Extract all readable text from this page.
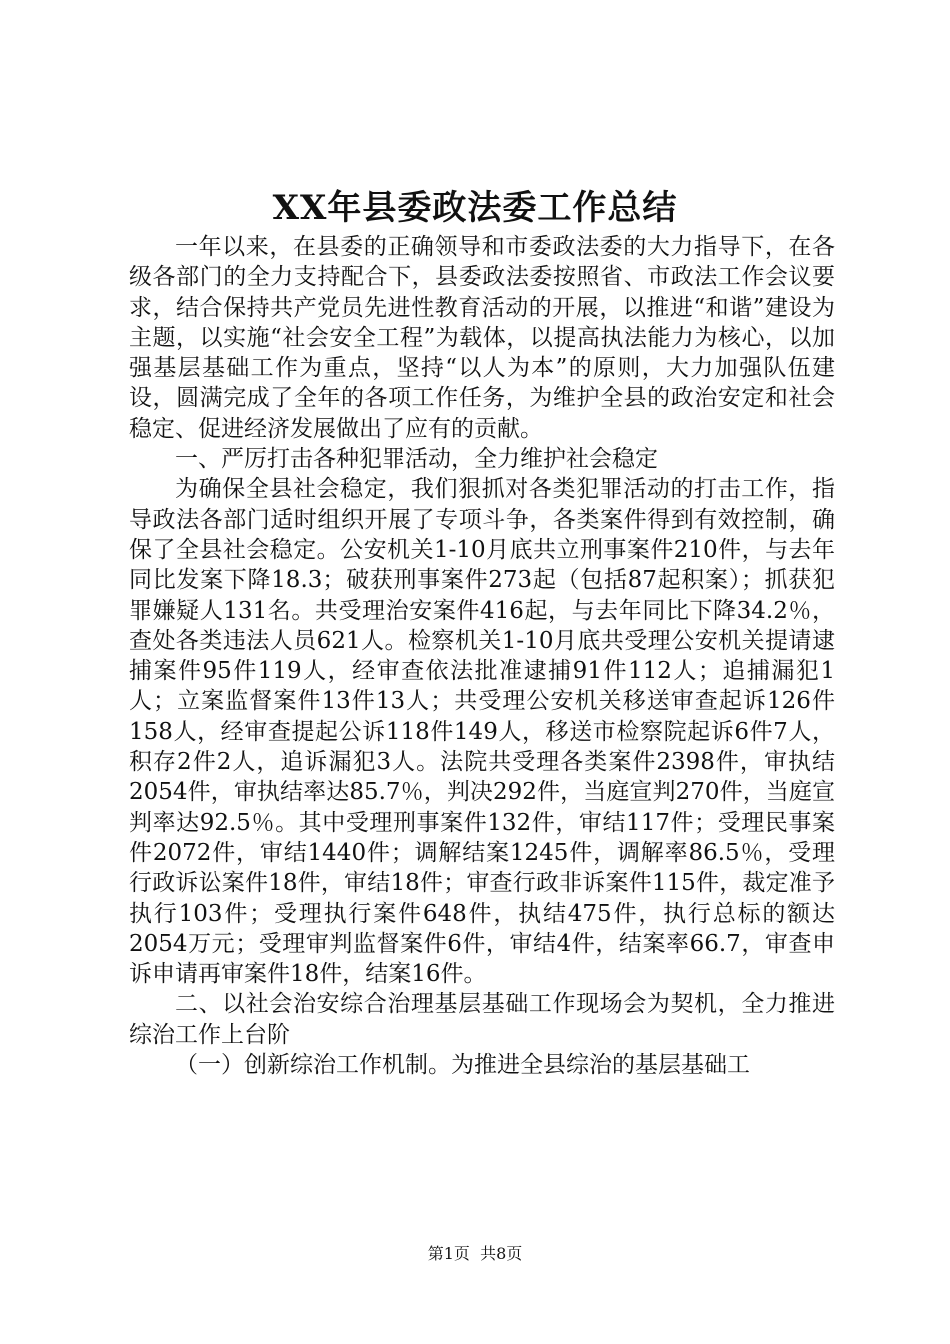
XX年县委政法委工作总结

一年以来，在县委的正确领导和市委政法委的大力指导下，在各级各部门的全力支持配合下，县委政法委按照省、市政法工作会议要求，结合保持共产党员先进性教育活动的开展，以推进“和谐”建设为主题，以实施“社会安全工程”为载体，以提高执法能力为核心，以加强基层基础工作为重点，坚持“以人为本”的原则，大力加强队伍建设，圆满完成了全年的各项工作任务，为维护全县的政治安定和社会稳定、促进经济发展做出了应有的贡献。

一、严厉打击各种犯罪活动，全力维护社会稳定

为确保全县社会稳定，我们狠抓对各类犯罪活动的打击工作，指导政法各部门适时组织开展了专项斗争，各类案件得到有效控制，确保了全县社会稳定。公安机关1-10月底共立刑事案件210件，与去年同比发案下降18.3；破获刑事案件273起（包括87起积案）；抓获犯罪嫌疑人131名。共受理治安案件416起，与去年同比下降34.2％，查处各类违法人员621人。检察机关1-10月底共受理公安机关提请逮捕案件95件119人，经审查依法批准逮捕91件112人；追捕漏犯1人；立案监督案件13件13人；共受理公安机关移送审查起诉126件158人，经审查提起公诉118件149人，移送市检察院起诉6件7人，积存2件2人，追诉漏犯3人。法院共受理各类案件2398件，审执结2054件，审执结率达85.7％，判决292件，当庭宣判270件，当庭宣判率达92.5％。其中受理刑事案件132件，审结117件；受理民事案件2072件，审结1440件；调解结案1245件，调解率86.5％，受理行政诉讼案件18件，审结18件；审查行政非诉案件115件，裁定准予执行103件；受理执行案件648件，执结475件，执行总标的额达2054万元；受理审判监督案件6件，审结4件，结案率66.7，审查申诉申请再审案件18件，结案16件。

二、以社会治安综合治理基层基础工作现场会为契机，全力推进综治工作上台阶

（一）创新综治工作机制。为推进全县综治的基层基础工

第1页 共8页
